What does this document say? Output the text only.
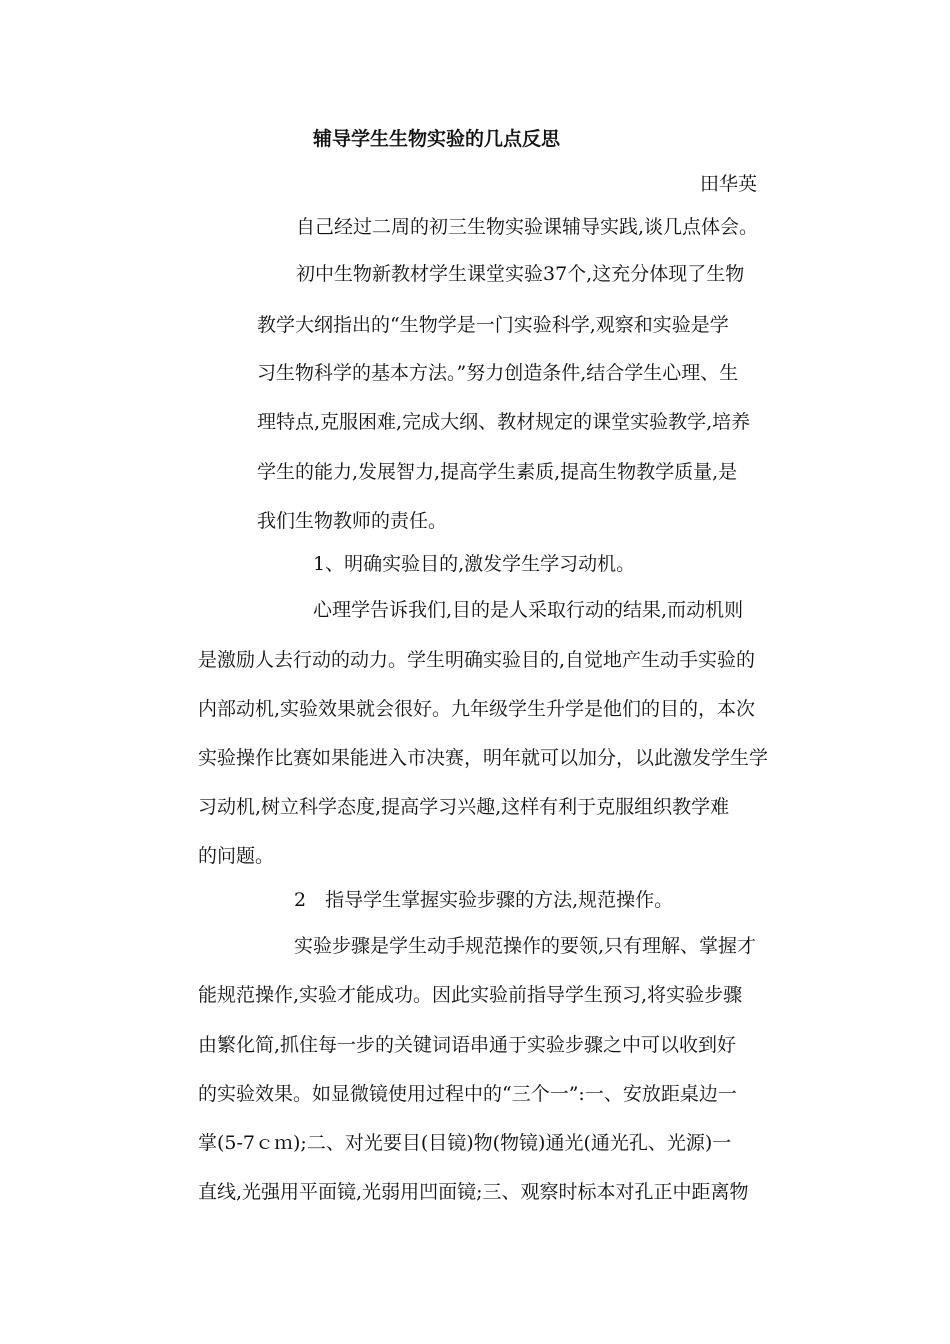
辅导学生生物实验的几点反思
田华英
自己经过二周的初三生物实验课辅导实践,谈几点体会。
初中生物新教材学生课堂实验37个,这充分体现了生物
教学大纲指出的“生物学是一门实验科学,观察和实验是学
习生物科学的基本方法。”努力创造条件,结合学生心理、生
理特点,克服困难,完成大纲、教材规定的课堂实验教学,培养
学生的能力,发展智力,提高学生素质,提高生物教学质量,是
我们生物教师的责任。
1、明确实验目的,激发学生学习动机。
心理学告诉我们,目的是人采取行动的结果,而动机则
是激励人去行动的动力。学生明确实验目的,自觉地产生动手实验的
内部动机,实验效果就会很好。九年级学生升学是他们的目的，本次
实验操作比赛如果能进入市决赛，明年就可以加分，以此激发学生学
习动机,树立科学态度,提高学习兴趣,这样有利于克服组织教学难
的问题。
2　指导学生掌握实验步骤的方法,规范操作。
实验步骤是学生动手规范操作的要领,只有理解、掌握才
能规范操作,实验才能成功。因此实验前指导学生预习,将实验步骤
由繁化简,抓住每一步的关键词语串通于实验步骤之中可以收到好
的实验效果。如显微镜使用过程中的“三个一”:一、安放距桌边一
掌(5-7ｃｍ);二、对光要目(目镜)物(物镜)通光(通光孔、光源)一
直线,光强用平面镜,光弱用凹面镜;三、观察时标本对孔正中距离物
